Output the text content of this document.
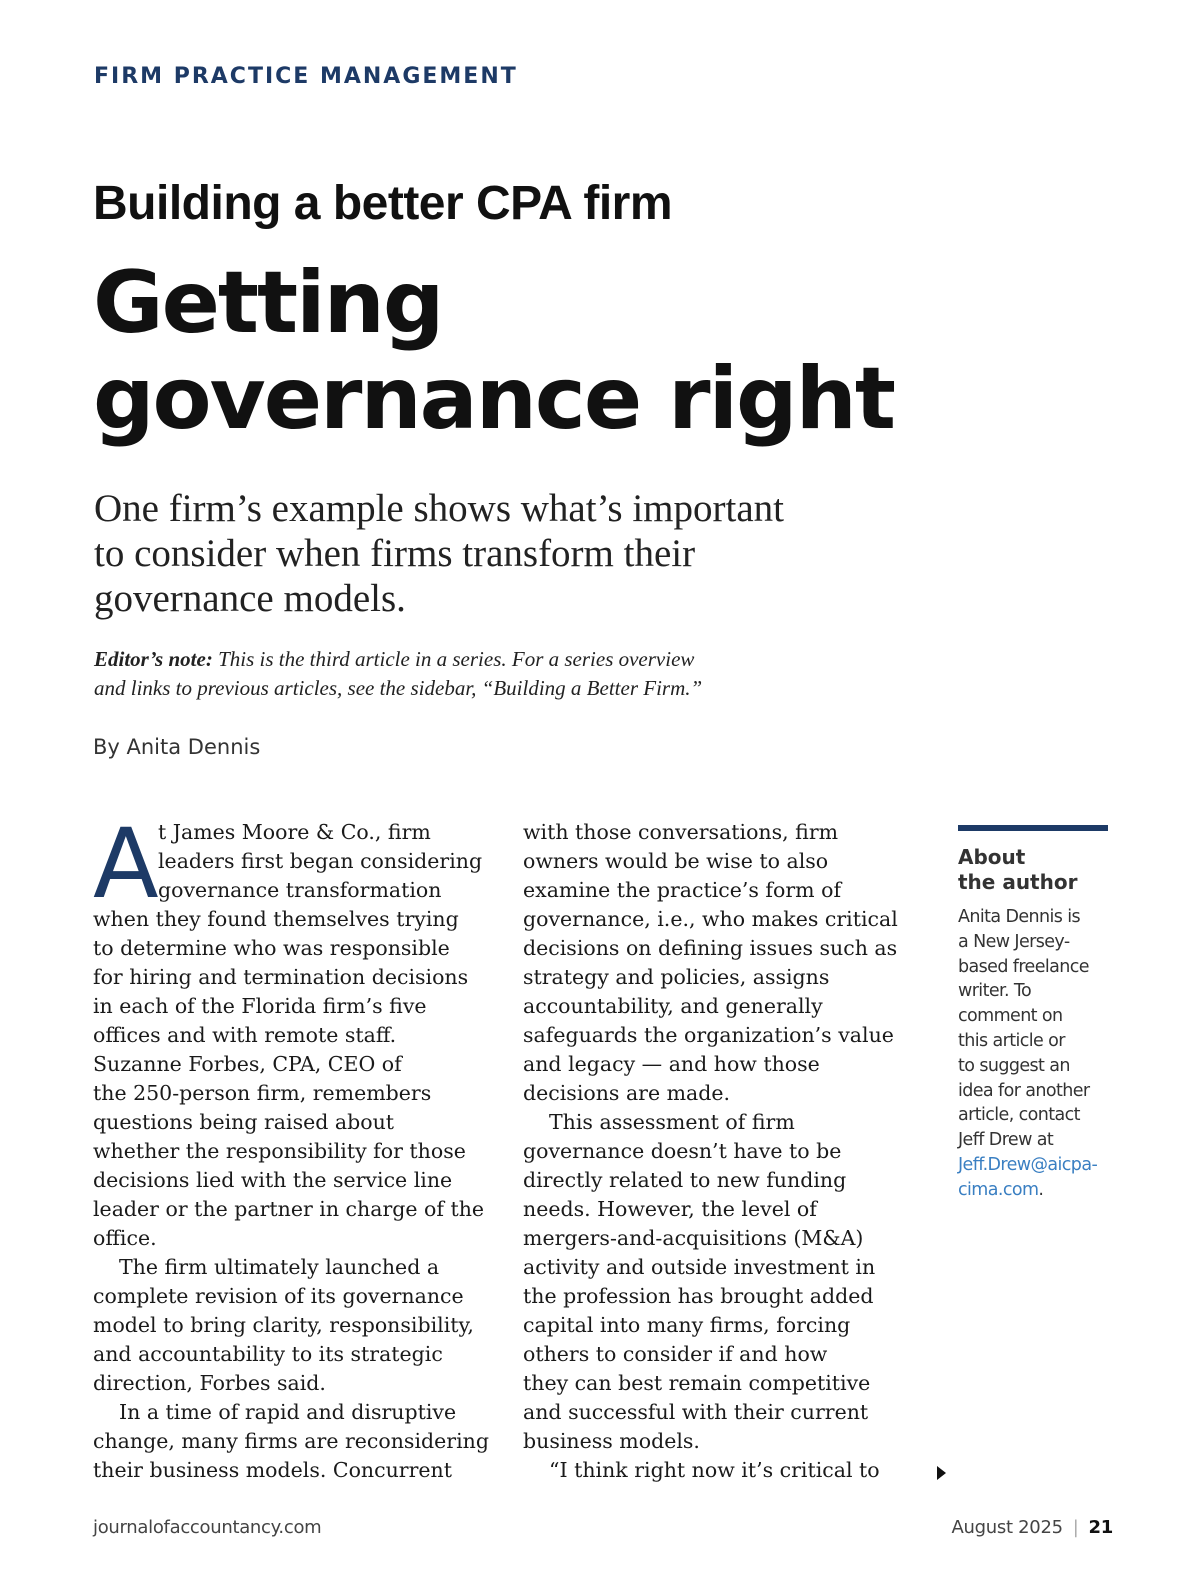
FIRM PRACTICE MANAGEMENT
Building a better CPA firm
Getting
governance right
One firm’s example shows what’s important
to consider when firms transform their
governance models.
Editor’s note: This is the third article in a series. For a series overview
and links to previous articles, see the sidebar, “Building a Better Firm.”
By Anita Dennis
A t James Moore & Co., firm

leaders first began considering

governance transformation

when they found themselves trying

to determine who was responsible

for hiring and termination decisions

in each of the Florida firm’s five

offices and with remote staff.

Suzanne Forbes, CPA, CEO of

the 250-person firm, remembers

questions being raised about

whether the responsibility for those

decisions lied with the service line

leader or the partner in charge of the

office.

The firm ultimately launched a

complete revision of its governance

model to bring clarity, responsibility,

and accountability to its strategic

direction, Forbes said.

In a time of rapid and disruptive

change, many firms are reconsidering

their business models. Concurrent

with those conversations, firm

owners would be wise to also

examine the practice’s form of

governance, i.e., who makes critical

decisions on defining issues such as

strategy and policies, assigns

accountability, and generally

safeguards the organization’s value

and legacy — and how those

decisions are made.

This assessment of firm

governance doesn’t have to be

directly related to new funding

needs. However, the level of

mergers-and-acquisitions (M&A)

activity and outside investment in

the profession has brought added

capital into many firms, forcing

others to consider if and how

they can best remain competitive

and successful with their current

business models.

“I think right now it’s critical to

About
the author
Anita Dennis is
a New Jersey-
based freelance
writer. To
comment on
this article or
to suggest an
idea for another
article, contact
Jeff Drew at
Jeff.Drew@aicpa-
cima.com.
journalofaccountancy.com	August 2025 | 21
